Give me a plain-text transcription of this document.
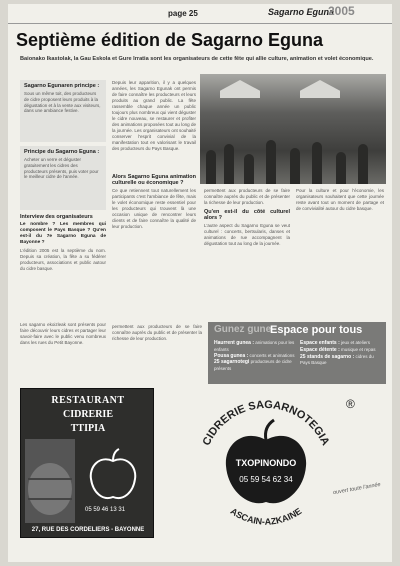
page 25	Sagarno Eguna
2005
Septième édition de Sagarno Eguna
Baionako Ikastolak, la Gau Eskola et Gure Irratia sont les organisateurs de cette fête qui allie culture, animation et volet économique.
Sagarno Egunaren principe :

Sous un même toit, des producteurs de cidre proposent leurs produits à la dégustation et à la vente aux visiteurs, dans une ambiance festive.

Principe du Sagarno Eguna :

Acheter un verre et déguster gratuitement les cidres des producteurs présents, puis voter pour le meilleur cidre de l'année.

Interview des organisateurs
Le nombre ? Les membres qui composent le Pays Basque ? Qu'en est-il du 7e Sagarno Eguna de Bayonne ?
L'édition 2005 est la septième du nom. Depuis sa création, la fête a su fédérer producteurs, associations et public autour du cidre basque.
Les sagarno ekoizleak sont présents pour faire découvrir leurs cidres et partager leur savoir-faire avec le public venu nombreux dans les rues du Petit Bayonne.
Depuis leur apparition, il y a quelques années, les Sagarno Egunak ont permis de faire connaître les producteurs et leurs produits au grand public. La fête rassemble chaque année un public toujours plus nombreux qui vient déguster le cidre nouveau, se restaurer et profiter des animations proposées tout au long de la journée. Les organisateurs ont souhaité conserver l'esprit convivial de la manifestation tout en valorisant le travail des producteurs du Pays Basque.
Alors Sagarno Eguna animation culturelle ou économique ?
Ce que retiennent tout naturellement les participants c'est l'ambiance de fête, mais le volet économique reste essentiel pour les producteurs qui trouvent là une occasion unique de rencontrer leurs clients et de faire connaître la qualité de leur production.
permettent aux producteurs de se faire connaître auprès du public et de présenter la richesse de leur production.
permettent aux producteurs de se faire connaître auprès du public et de présenter la richesse de leur production.
Qu'en est-il du côté culturel alors ?
L'autre aspect du Sagarno Eguna se veut culturel : concerts, bertsularis, danses et animations de rue accompagnent la dégustation tout au long de la journée.
Pour la culture et pour l'économie, les organisateurs souhaitent que cette journée reste avant tout un moment de partage et de convivialité autour du cidre basque.
Gunez gune
Espace pour tous
Haurrent gunea : animations pour les enfants
Pousa gunea : concerts et animations
25 sagarnotegi producteurs de cidre présents
Espace enfants : jeux et ateliers
Espace détente : musique et repas
25 stands de sagarno : cidres du Pays Basque
RESTAURANT
CIDRERIE
TTIPIA
05 59 46 13 31
27, RUE DES CORDELIERS - BAYONNE
CIDRERIE SAGARNOTEGIA
TXOPINONDO
05 59 54 62 34
ASCAIN-AZKAINE
®
ouvert toute l'année
